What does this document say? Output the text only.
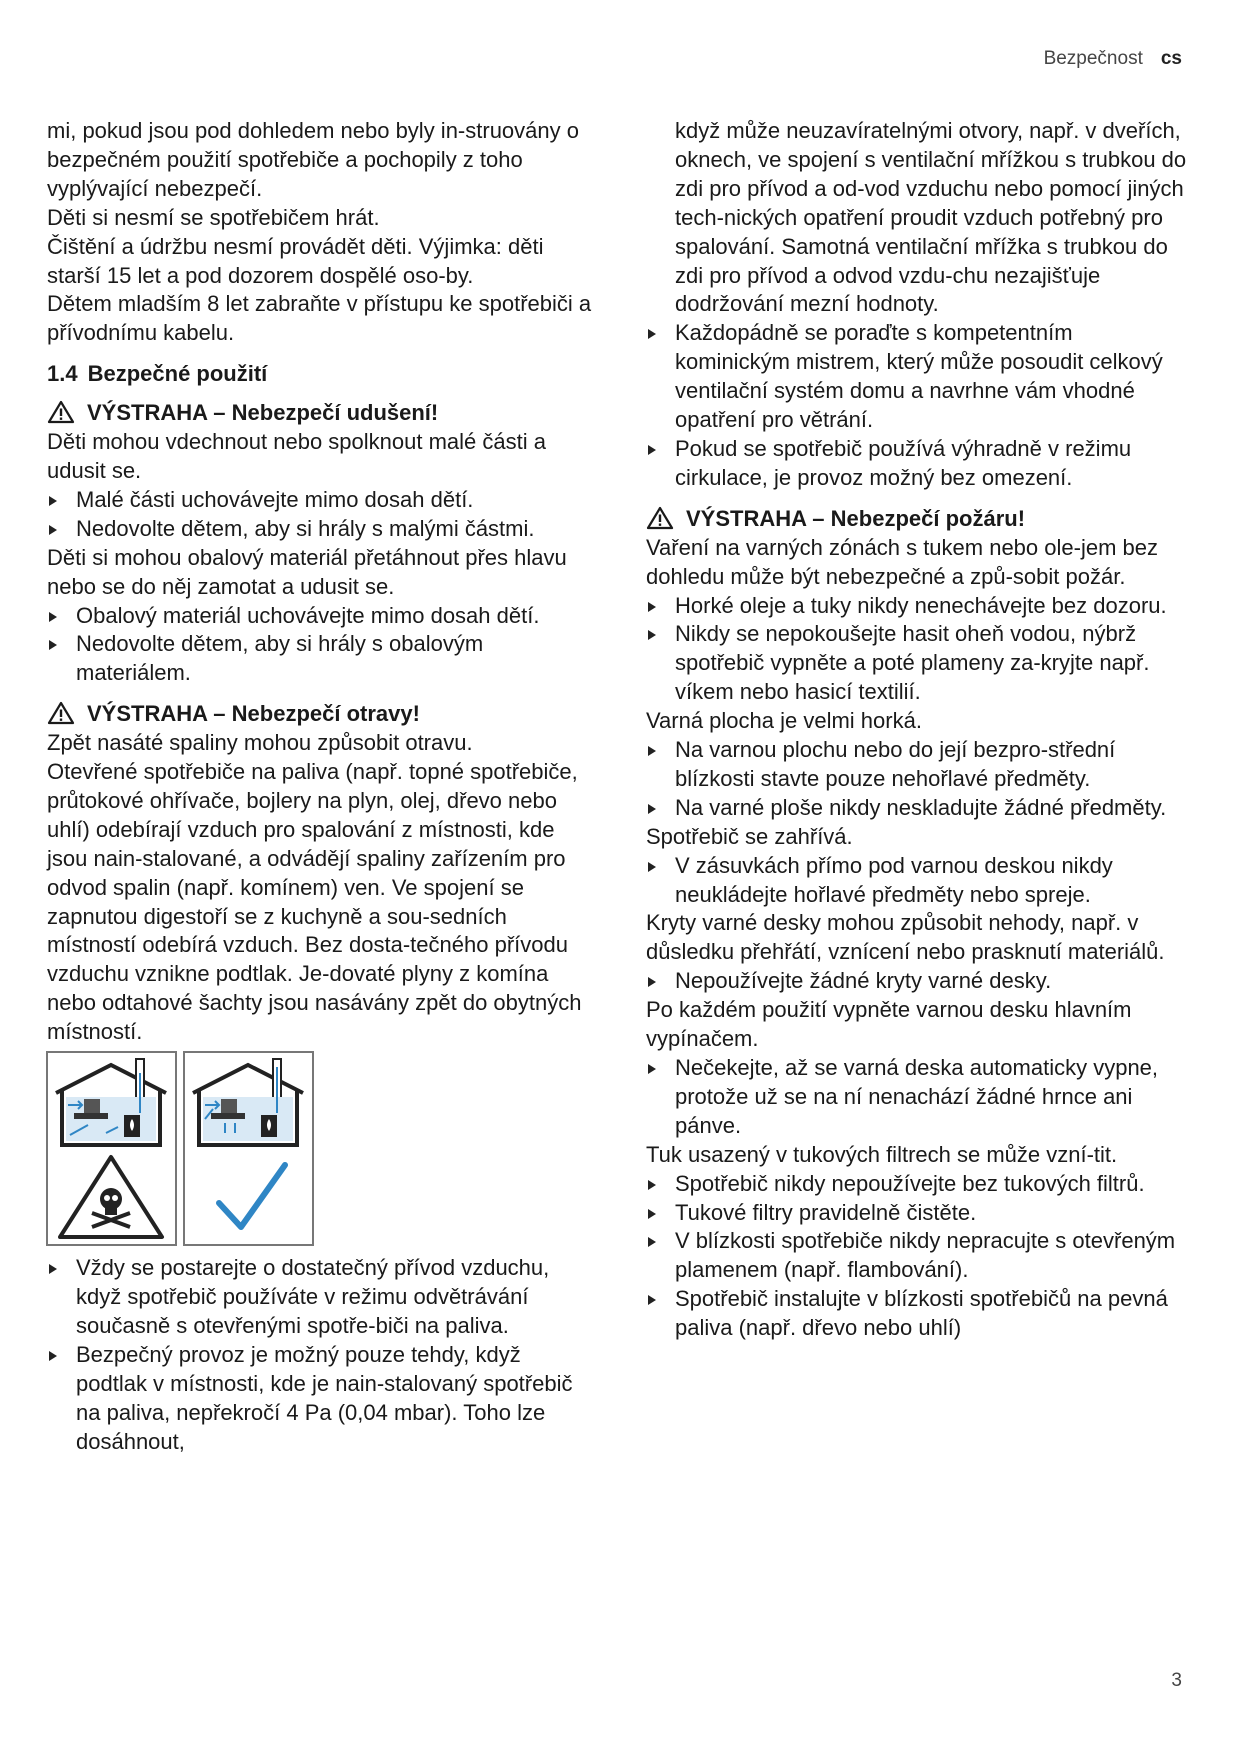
Bezpečnost cs

mi, pokud jsou pod dohledem nebo byly in-struovány o bezpečném použití spotřebiče a pochopily z toho vyplývající nebezpečí.

Děti si nesmí se spotřebičem hrát.

Čištění a údržbu nesmí provádět děti. Výjimka: děti starší 15 let a pod dozorem dospělé oso-by.

Dětem mladším 8 let zabraňte v přístupu ke spotřebiči a přívodnímu kabelu.

1.4 Bezpečné použití
VÝSTRAHA – Nebezpečí udušení!

Děti mohou vdechnout nebo spolknout malé části a udusit se.

Malé části uchovávejte mimo dosah dětí.

Nedovolte dětem, aby si hrály s malými částmi.

Děti si mohou obalový materiál přetáhnout přes hlavu nebo se do něj zamotat a udusit se.

Obalový materiál uchovávejte mimo dosah dětí.

Nedovolte dětem, aby si hrály s obalovým materiálem.

VÝSTRAHA – Nebezpečí otravy!

Zpět nasáté spaliny mohou způsobit otravu.

Otevřené spotřebiče na paliva (např. topné spotřebiče, průtokové ohřívače, bojlery na plyn, olej, dřevo nebo uhlí) odebírají vzduch pro spalování z místnosti, kde jsou nain-stalované, a odvádějí spaliny zařízením pro odvod spalin (např. komínem) ven. Ve spojení se zapnutou digestoří se z kuchyně a sou-sedních místností odebírá vzduch. Bez dosta-tečného přívodu vzduchu vznikne podtlak. Je-dovaté plyny z komína nebo odtahové šachty jsou nasávány zpět do obytných místností.

Vždy se postarejte o dostatečný přívod vzduchu, když spotřebič používáte v režimu odvětrávání současně s otevřenými spotře-biči na paliva.

Bezpečný provoz je možný pouze tehdy, když podtlak v místnosti, kde je nain-stalovaný spotřebič na paliva, nepřekročí 4 Pa (0,04 mbar). Toho lze dosáhnout,

když může neuzavíratelnými otvory, např. v dveřích, oknech, ve spojení s ventilační mřížkou s trubkou do zdi pro přívod a od-vod vzduchu nebo pomocí jiných tech-nických opatření proudit vzduch potřebný pro spalování. Samotná ventilační mřížka s trubkou do zdi pro přívod a odvod vzdu-chu nezajišťuje dodržování mezní hodnoty.

Každopádně se poraďte s kompetentním kominickým mistrem, který může posoudit celkový ventilační systém domu a navrhne vám vhodné opatření pro větrání.

Pokud se spotřebič používá výhradně v režimu cirkulace, je provoz možný bez omezení.

VÝSTRAHA – Nebezpečí požáru!

Vaření na varných zónách s tukem nebo ole-jem bez dohledu může být nebezpečné a způ-sobit požár.

Horké oleje a tuky nikdy nenechávejte bez dozoru.

Nikdy se nepokoušejte hasit oheň vodou, nýbrž spotřebič vypněte a poté plameny za-kryjte např. víkem nebo hasicí textilií.

Varná plocha je velmi horká.

Na varnou plochu nebo do její bezpro-střední blízkosti stavte pouze nehořlavé předměty.

Na varné ploše nikdy neskladujte žádné předměty.

Spotřebič se zahřívá.

V zásuvkách přímo pod varnou deskou nikdy neukládejte hořlavé předměty nebo spreje.

Kryty varné desky mohou způsobit nehody, např. v důsledku přehřátí, vznícení nebo prasknutí materiálů.

Nepoužívejte žádné kryty varné desky.

Po každém použití vypněte varnou desku hlavním vypínačem.

Nečekejte, až se varná deska automaticky vypne, protože už se na ní nenachází žádné hrnce ani pánve.

Tuk usazený v tukových filtrech se může vzní-tit.

Spotřebič nikdy nepoužívejte bez tukových filtrů.

Tukové filtry pravidelně čistěte.

V blízkosti spotřebiče nikdy nepracujte s otevřeným plamenem (např. flambování).

Spotřebič instalujte v blízkosti spotřebičů na pevná paliva (např. dřevo nebo uhlí)

3
